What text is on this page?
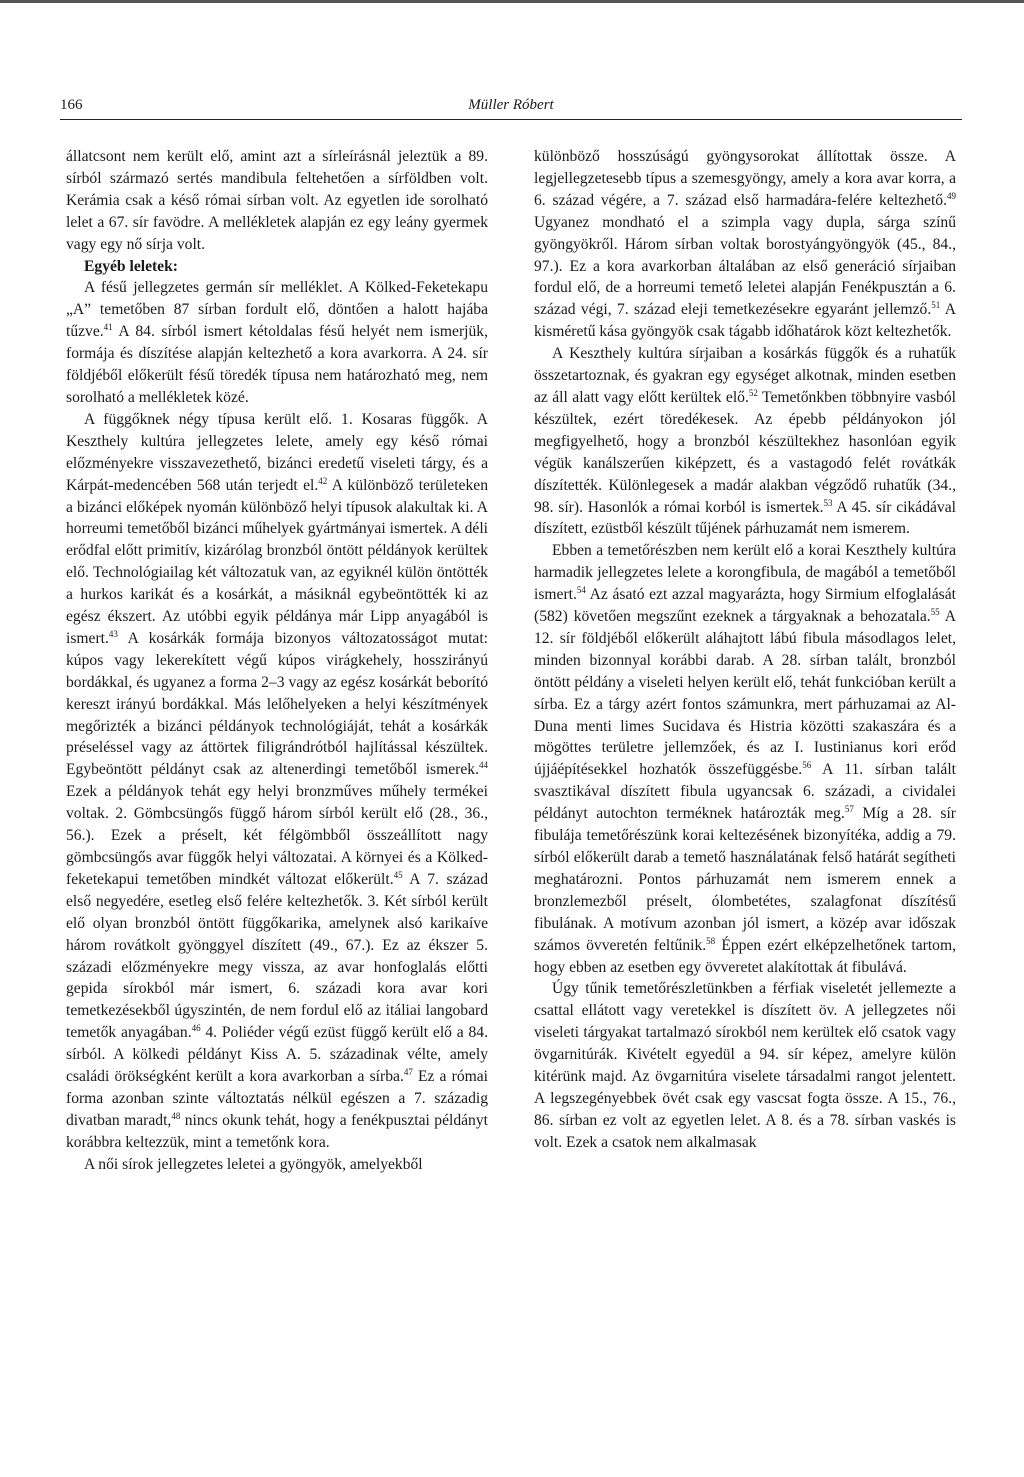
Müller Róbert
166

állatcsont nem került elő, amint azt a sírleírásnál jeleztük a 89. sírból származó sertés mandibula feltehetően a sírföldben volt. Kerámia csak a késő római sírban volt. Az egyetlen ide sorolható lelet a 67. sír favödre. A mellékletek alapján ez egy leány gyermek vagy egy nő sírja volt.

Egyéb leletek:

A fésű jellegzetes germán sír melléklet. A Kölked-Feketekapu „A” temetőben 87 sírban fordult elő, döntően a halott hajába tűzve.$^{41}$ A 84. sírból ismert kétoldalas fésű helyét nem ismerjük, formája és díszítése alapján keltezhető a kora avarkorra. A 24. sír földjéből előkerült fésű töredék típusa nem határozható meg, nem sorolható a mellékletek közé.

A függőknek négy típusa került elő. 1. Kosaras függők. A Keszthely kultúra jellegzetes lelete, amely egy késő római előzményekre visszavezethető, bizánci eredetű viseleti tárgy, és a Kárpát-medencében 568 után terjedt el.$^{42}$ A különböző területeken a bizánci előképek nyomán különböző helyi típusok alakultak ki. A horreumi temetőből bizánci műhelyek gyártmányai ismertek. A déli erődfal előtt primitív, kizárólag bronzból öntött példányok kerültek elő. Technológiailag két változatuk van, az egyiknél külön öntötték a hurkos karikát és a kosárkát, a másiknál egybeöntötték ki az egész ékszert. Az utóbbi egyik példánya már Lipp anyagából is ismert.$^{43}$ A kosárkák formája bizonyos változatosságot mutat: kúpos vagy lekerekített végű kúpos virágkehely, hosszirányú bordákkal, és ugyanez a forma 2–3 vagy az egész kosárkát beborító kereszt irányú bordákkal. Más lelőhelyeken a helyi készítmények megőrizték a bizánci példányok technológiáját, tehát a kosárkák préseléssel vagy az áttörtek filigrándrótból hajlítással készültek. Egybeöntött példányt csak az altenerdingi temetőből ismerek.$^{44}$ Ezek a példányok tehát egy helyi bronzműves műhely termékei voltak. 2. Gömbcsüngős függő három sírból került elő (28., 36., 56.). Ezek a préselt, két félgömbből összeállított nagy gömbcsüngős avar függők helyi változatai. A környei és a Kölked-feketekapui temetőben mindkét változat előkerült.$^{45}$ A 7. század első negyedére, esetleg első felére keltezhetők. 3. Két sírból került elő olyan bronzból öntött függőkarika, amelynek alsó karikaíve három rovátkolt gyönggyel díszített (49., 67.). Ez az ékszer 5. századi előzményekre megy vissza, az avar honfoglalás előtti gepida sírokból már ismert, 6. századi kora avar kori temetkezésekből úgyszintén, de nem fordul elő az itáliai langobard temetők anyagában.$^{46}$ 4. Poliéder végű ezüst függő került elő a 84. sírból. A kölkedi példányt Kiss A. 5. századinak vélte, amely családi örökségként került a kora avarkorban a sírba.$^{47}$ Ez a római forma azonban szinte változtatás nélkül egészen a 7. századig divatban maradt,$^{48}$ nincs okunk tehát, hogy a fenékpusztai példányt korábbra keltezzük, mint a temetőnk kora.

A női sírok jellegzetes leletei a gyöngyök, amelyekből

különböző hosszúságú gyöngysorokat állítottak össze. A legjellegzetesebb típus a szemesgyöngy, amely a kora avar korra, a 6. század végére, a 7. század első harmadára-felére keltezhető.$^{49}$ Ugyanez mondható el a szimpla vagy dupla, sárga színű gyöngyökről. Három sírban voltak borostyángyöngyök (45., 84., 97.). Ez a kora avarkorban általában az első generáció sírjaiban fordul elő, de a horreumi temető leletei alapján Fenékpusztán a 6. század végi, 7. század eleji temetkezésekre egyaránt jellemző.$^{51}$ A kisméretű kása gyöngyök csak tágabb időhatárok közt keltezhetők.

A Keszthely kultúra sírjaiban a kosárkás függők és a ruhatűk összetartoznak, és gyakran egy egységet alkotnak, minden esetben az áll alatt vagy előtt kerültek elő.$^{52}$ Temetőnkben többnyire vasból készültek, ezért töredékesek. Az épebb példányokon jól megfigyelhető, hogy a bronzból készültekhez hasonlóan egyik végük kanálszerűen kiképzett, és a vastagodó felét rovátkák díszítették. Különlegesek a madár alakban végződő ruhatűk (34., 98. sír). Hasonlók a római korból is ismertek.$^{53}$ A 45. sír cikádával díszített, ezüstből készült tűjének párhuzamát nem ismerem.

Ebben a temetőrészben nem került elő a korai Keszthely kultúra harmadik jellegzetes lelete a korongfibula, de magából a temetőből ismert.$^{54}$ Az ásató ezt azzal magyarázta, hogy Sirmium elfoglalását (582) követően megszűnt ezeknek a tárgyaknak a behozatala.$^{55}$ A 12. sír földjéből előkerült aláhajtott lábú fibula másodlagos lelet, minden bizonnyal korábbi darab. A 28. sírban talált, bronzból öntött példány a viseleti helyen került elő, tehát funkcióban került a sírba. Ez a tárgy azért fontos számunkra, mert párhuzamai az Al-Duna menti limes Sucidava és Histria közötti szakaszára és a mögöttes területre jellemzőek, és az I. Iustinianus kori erőd újjáépítésekkel hozhatók összefüggésbe.$^{56}$ A 11. sírban talált svasztikával díszített fibula ugyancsak 6. századi, a cividalei példányt autochton terméknek határozták meg.$^{57}$ Míg a 28. sír fibulája temetőrészünk korai keltezésének bizonyítéka, addig a 79. sírból előkerült darab a temető használatának felső határát segítheti meghatározni. Pontos párhuzamát nem ismerem ennek a bronzlemezből préselt, ólombetétes, szalagfonat díszítésű fibulának. A motívum azonban jól ismert, a közép avar időszak számos övveretén feltűnik.$^{58}$ Éppen ezért elképzelhetőnek tartom, hogy ebben az esetben egy övveretet alakítottak át fibulává.

Úgy tűnik temetőrészletünkben a férfiak viseletét jellemezte a csattal ellátott vagy veretekkel is díszített öv. A jellegzetes női viseleti tárgyakat tartalmazó sírokból nem kerültek elő csatok vagy övgarnitúrák. Kivételt egyedül a 94. sír képez, amelyre külön kitérünk majd. Az övgarnitúra viselete társadalmi rangot jelentett. A legszegényebbek övét csak egy vascsat fogta össze. A 15., 76., 86. sírban ez volt az egyetlen lelet. A 8. és a 78. sírban vaskés is volt. Ezek a csatok nem alkalmasak
